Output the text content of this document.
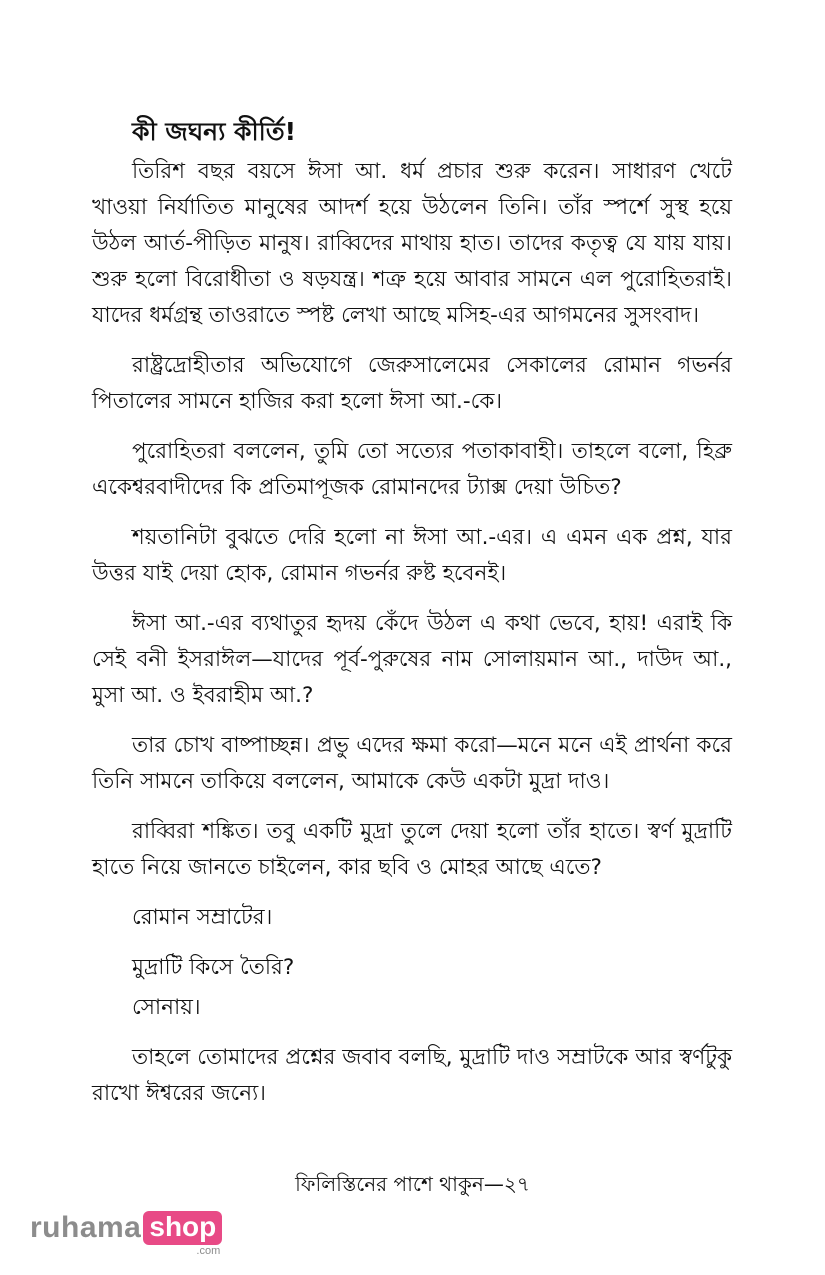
কী জঘন্য কীর্তি!

তিরিশ বছর বয়সে ঈসা আ. ধর্ম প্রচার শুরু করেন। সাধারণ খেটে খাওয়া নির্যাতিত মানুষের আদর্শ হয়ে উঠলেন তিনি। তাঁর স্পর্শে সুস্থ হয়ে উঠল আর্ত-পীড়িত মানুষ। রাব্বিদের মাথায় হাত। তাদের কতৃত্ব যে যায় যায়। শুরু হলো বিরোধীতা ও ষড়যন্ত্র। শত্রু হয়ে আবার সামনে এল পুরোহিতরাই। যাদের ধর্মগ্রন্থ তাওরাতে স্পষ্ট লেখা আছে মসিহ-এর আগমনের সুসংবাদ।

রাষ্ট্রদ্রোহীতার অভিযোগে জেরুসালেমের সেকালের রোমান গভর্নর পিতালের সামনে হাজির করা হলো ঈসা আ.-কে।

পুরোহিতরা বললেন, তুমি তো সত্যের পতাকাবাহী। তাহলে বলো, হিব্রু একেশ্বরবাদীদের কি প্রতিমাপূজক রোমানদের ট্যাক্স দেয়া উচিত?

শয়তানিটা বুঝতে দেরি হলো না ঈসা আ.-এর। এ এমন এক প্রশ্ন, যার উত্তর যাই দেয়া হোক, রোমান গভর্নর রুষ্ট হবেনই।

ঈসা আ.-এর ব্যথাতুর হৃদয় কেঁদে উঠল এ কথা ভেবে, হায়! এরাই কি সেই বনী ইসরাঈল—যাদের পূর্ব-পুরুষের নাম সোলায়মান আ., দাউদ আ., মুসা আ. ও ইবরাহীম আ.?

তার চোখ বাষ্পাচ্ছন্ন। প্রভু এদের ক্ষমা করো—মনে মনে এই প্রার্থনা করে তিনি সামনে তাকিয়ে বললেন, আমাকে কেউ একটা মুদ্রা দাও।

রাব্বিরা শঙ্কিত। তবু একটি মুদ্রা তুলে দেয়া হলো তাঁর হাতে। স্বর্ণ মুদ্রাটি হাতে নিয়ে জানতে চাইলেন, কার ছবি ও মোহর আছে এতে?

রোমান সম্রাটের।

মুদ্রাটি কিসে তৈরি?

সোনায়।

তাহলে তোমাদের প্রশ্নের জবাব বলছি, মুদ্রাটি দাও সম্রাটকে আর স্বর্ণটুকু রাখো ঈশ্বরের জন্যে।

ফিলিস্তিনের পাশে থাকুন—২৭
ruhama shop
.com
